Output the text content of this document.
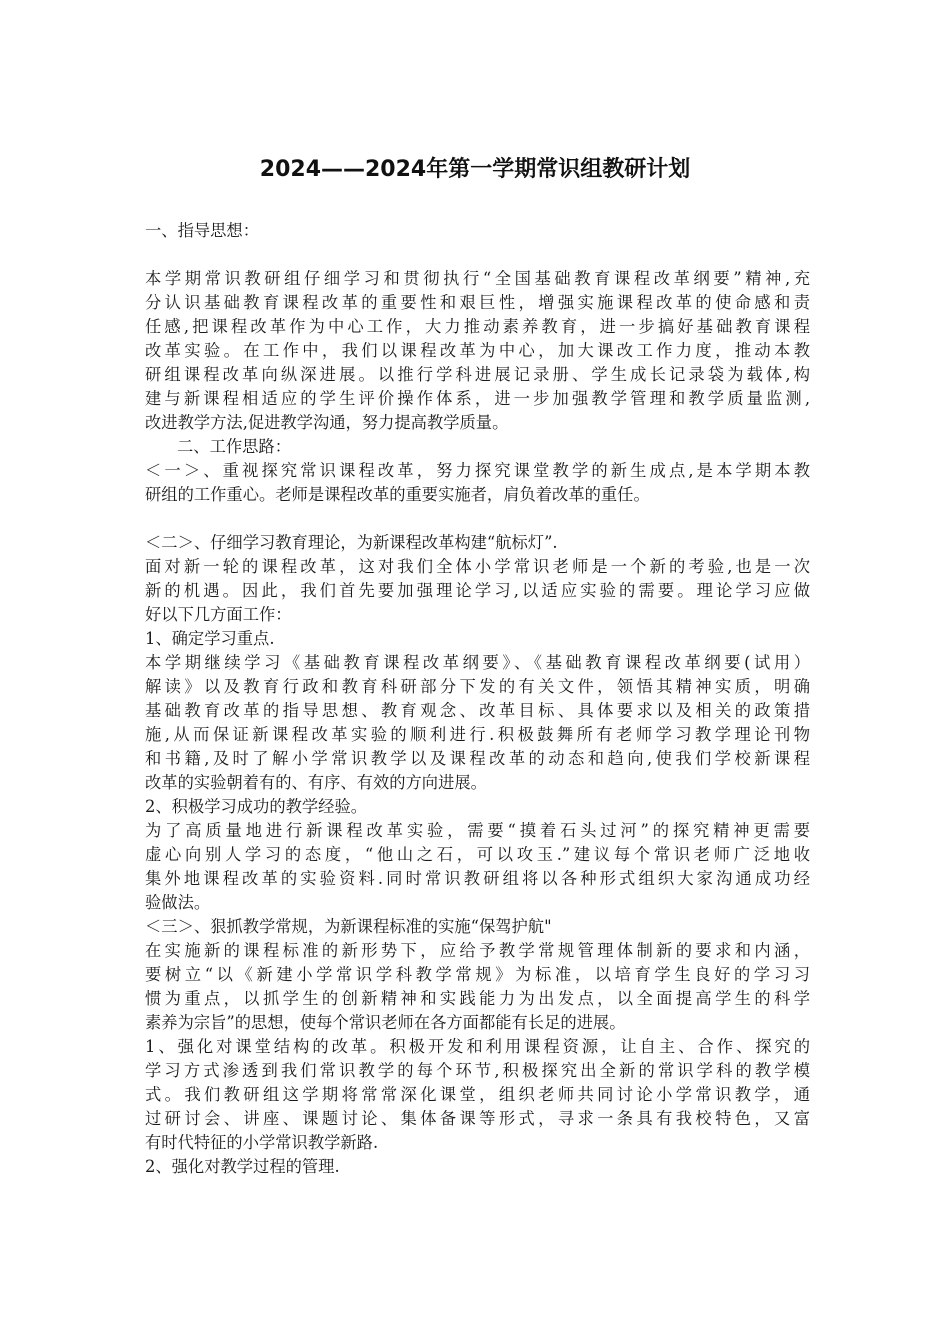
2024——2024年第一学期常识组教研计划
一、指导思想：
本学期常识教研组仔细学习和贯彻执行“全国基础教育课程改革纲要”精神,充
分认识基础教育课程改革的重要性和艰巨性，增强实施课程改革的使命感和责
任感,把课程改革作为中心工作，大力推动素养教育，进一步搞好基础教育课程
改革实验。在工作中，我们以课程改革为中心，加大课改工作力度，推动本教
研组课程改革向纵深进展。以推行学科进展记录册、学生成长记录袋为载体,构
建与新课程相适应的学生评价操作体系，进一步加强教学管理和教学质量监测,
改进教学方法,促进教学沟通，努力提高教学质量。
二、工作思路：
＜一＞、重视探究常识课程改革，努力探究课堂教学的新生成点,是本学期本教
研组的工作重心。老师是课程改革的重要实施者，肩负着改革的重任。
＜二＞、仔细学习教育理论，为新课程改革构建“航标灯”.
面对新一轮的课程改革，这对我们全体小学常识老师是一个新的考验,也是一次
新的机遇。因此，我们首先要加强理论学习,以适应实验的需要。理论学习应做
好以下几方面工作：
1、确定学习重点.
本学期继续学习《基础教育课程改革纲要》、《基础教育课程改革纲要(试用）
解读》以及教育行政和教育科研部分下发的有关文件，领悟其精神实质，明确
基础教育改革的指导思想、教育观念、改革目标、具体要求以及相关的政策措
施,从而保证新课程改革实验的顺利进行.积极鼓舞所有老师学习教学理论刊物
和书籍,及时了解小学常识教学以及课程改革的动态和趋向,使我们学校新课程
改革的实验朝着有的、有序、有效的方向进展。
2、积极学习成功的教学经验。
为了高质量地进行新课程改革实验，需要“摸着石头过河”的探究精神更需要
虚心向别人学习的态度，“他山之石，可以攻玉.”建议每个常识老师广泛地收
集外地课程改革的实验资料.同时常识教研组将以各种形式组织大家沟通成功经
验做法。
＜三＞、狠抓教学常规，为新课程标准的实施“保驾护航"
在实施新的课程标准的新形势下，应给予教学常规管理体制新的要求和内涵，
要树立“以《新建小学常识学科教学常规》为标准，以培育学生良好的学习习
惯为重点，以抓学生的创新精神和实践能力为出发点，以全面提高学生的科学
素养为宗旨”的思想，使每个常识老师在各方面都能有长足的进展。
1、强化对课堂结构的改革。积极开发和利用课程资源，让自主、合作、探究的
学习方式渗透到我们常识教学的每个环节,积极探究出全新的常识学科的教学模
式。我们教研组这学期将常常深化课堂，组织老师共同讨论小学常识教学，通
过研讨会、讲座、课题讨论、集体备课等形式，寻求一条具有我校特色，又富
有时代特征的小学常识教学新路.
2、强化对教学过程的管理.
